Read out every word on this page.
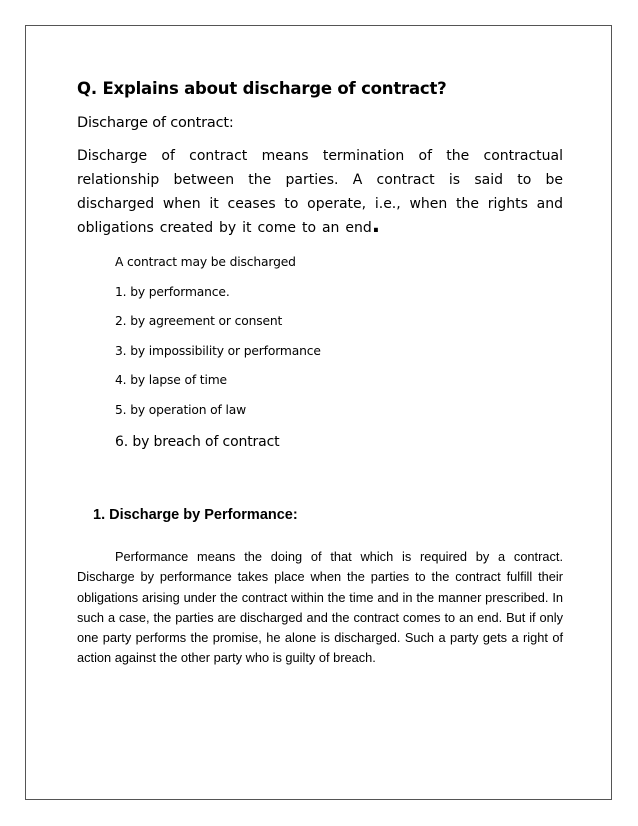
Q. Explains about discharge of contract?

Discharge of contract:

Discharge of contract means termination of the contractual relationship between the parties. A contract is said to be discharged when it ceases to operate, i.e., when the rights and obligations created by it come to an end.

A contract may be discharged
1. by performance.
2. by agreement or consent
3. by impossibility or performance
4. by lapse of time
5. by operation of law
6. by breach of contract
1. Discharge by Performance:

Performance means the doing of that which is required by a contract. Discharge by performance takes place when the parties to the contract fulfill their obligations arising under the contract within the time and in the manner prescribed. In such a case, the parties are discharged and the contract comes to an end. But if only one party performs the promise, he alone is discharged. Such a party gets a right of action against the other party who is guilty of breach.
